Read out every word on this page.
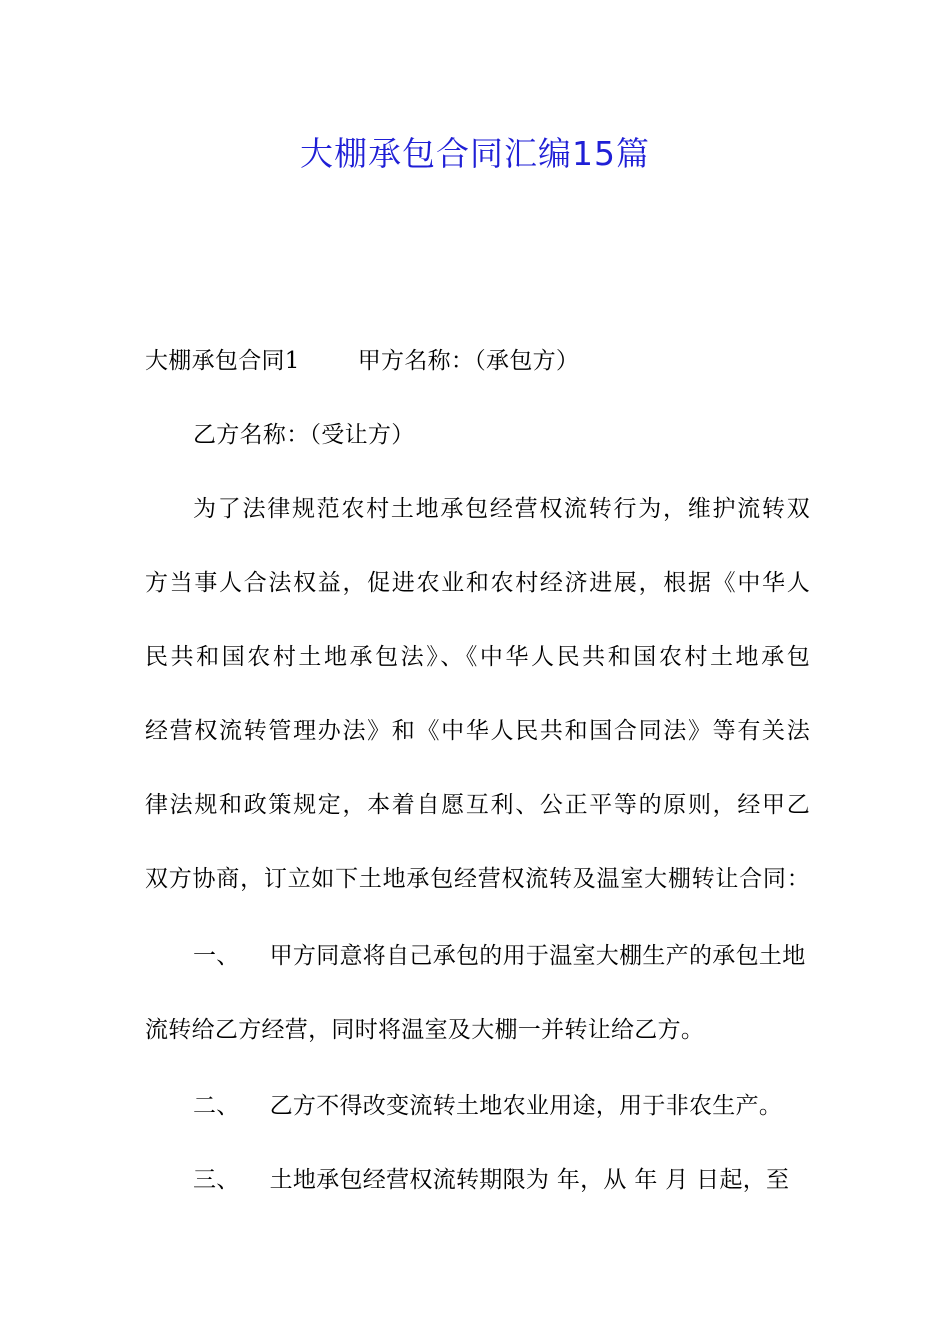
大棚承包合同汇编15篇
大棚承包合同1	甲方名称：（承包方）
乙方名称：（受让方）
为了法律规范农村土地承包经营权流转行为，维护流转双
方当事人合法权益，促进农业和农村经济进展，根据《中华人
民共和国农村土地承包法》、《中华人民共和国农村土地承包
经营权流转管理办法》和《中华人民共和国合同法》等有关法
律法规和政策规定，本着自愿互利、公正平等的原则，经甲乙
双方协商，订立如下土地承包经营权流转及温室大棚转让合同：
一、 甲方同意将自己承包的用于温室大棚生产的承包土地
流转给乙方经营，同时将温室及大棚一并转让给乙方。
二、 乙方不得改变流转土地农业用途，用于非农生产。
三、 土地承包经营权流转期限为 年，从 年 月 日起，至
